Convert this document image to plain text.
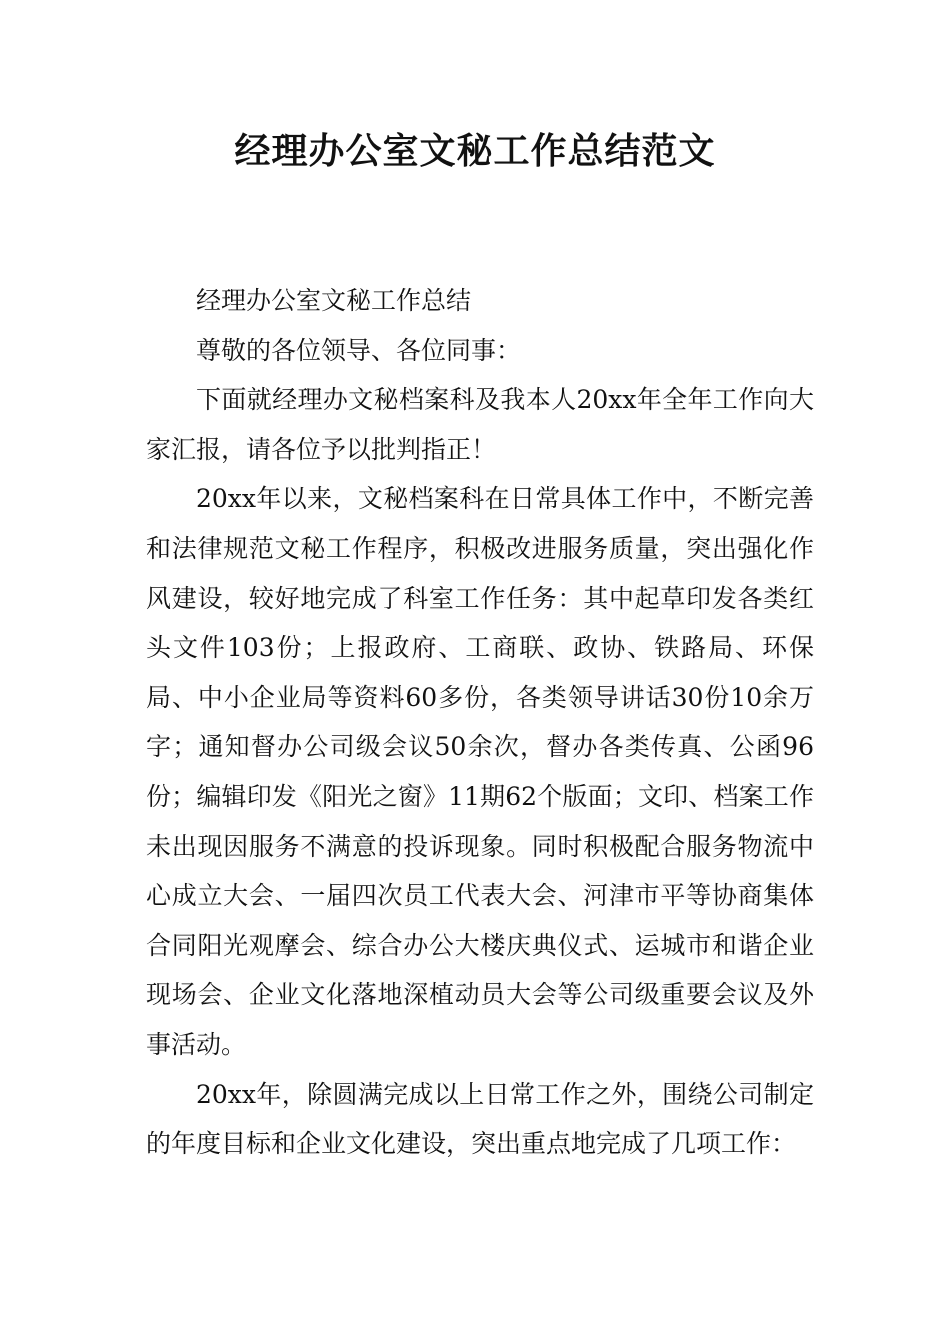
经理办公室文秘工作总结范文

经理办公室文秘工作总结

尊敬的各位领导、各位同事：

下面就经理办文秘档案科及我本人20xx年全年工作向大家汇报，请各位予以批判指正！

20xx年以来，文秘档案科在日常具体工作中，不断完善和法律规范文秘工作程序，积极改进服务质量，突出强化作风建设，较好地完成了科室工作任务：其中起草印发各类红头文件103份；上报政府、工商联、政协、铁路局、环保局、中小企业局等资料60多份，各类领导讲话30份10余万字；通知督办公司级会议50余次，督办各类传真、公函96份；编辑印发《阳光之窗》11期62个版面；文印、档案工作未出现因服务不满意的投诉现象。同时积极配合服务物流中心成立大会、一届四次员工代表大会、河津市平等协商集体合同阳光观摩会、综合办公大楼庆典仪式、运城市和谐企业现场会、企业文化落地深植动员大会等公司级重要会议及外事活动。

20xx年，除圆满完成以上日常工作之外，围绕公司制定的年度目标和企业文化建设，突出重点地完成了几项工作：
